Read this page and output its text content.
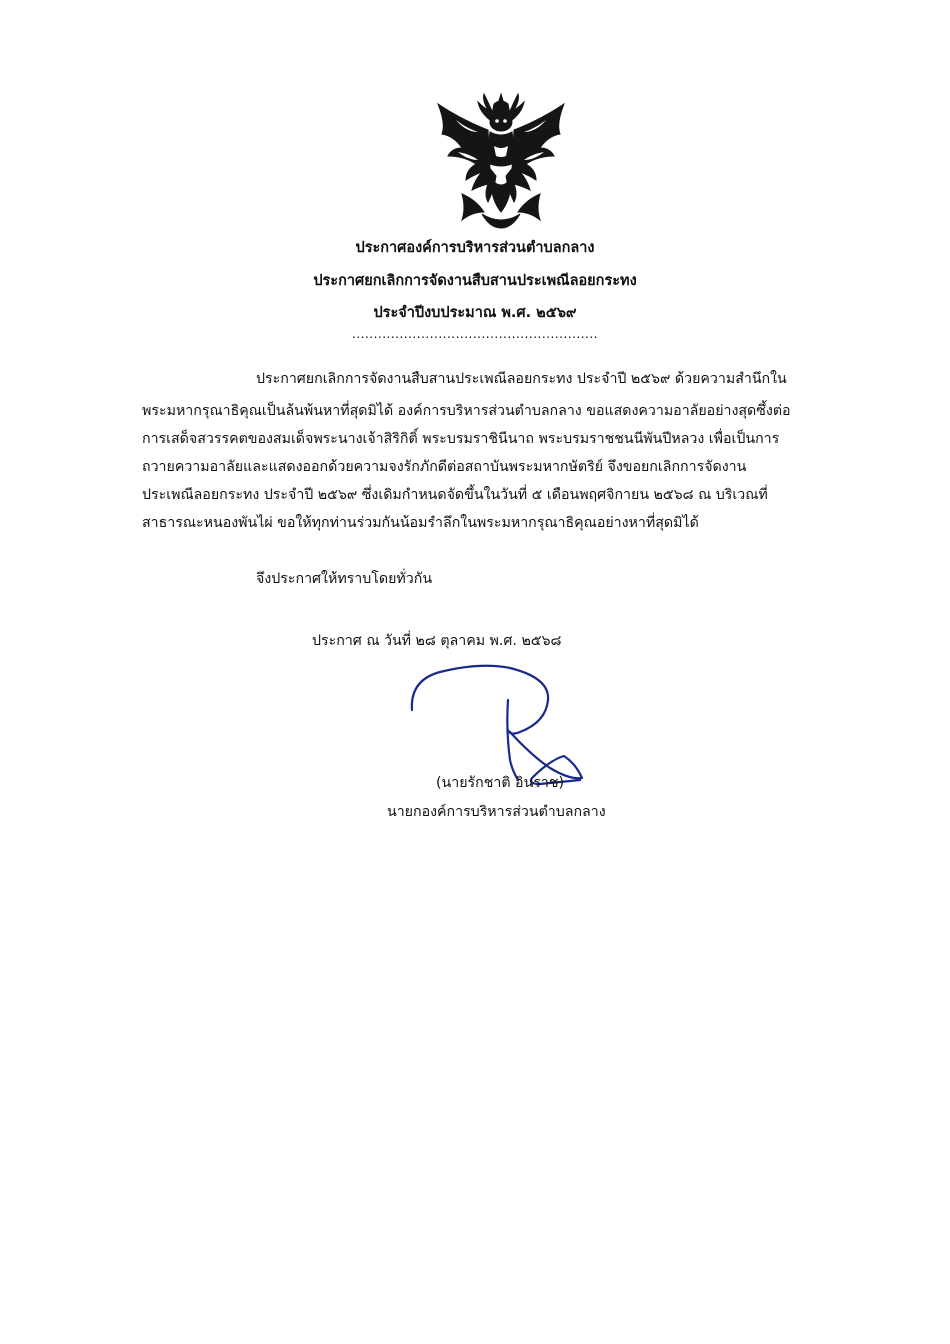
ประกาศองค์การบริหารส่วนตำบลกลาง
ประกาศยกเลิกการจัดงานสืบสานประเพณีลอยกระทง
ประจำปีงบประมาณ พ.ศ. ๒๕๖๙
.........................................................
ประกาศยกเลิกการจัดงานสืบสานประเพณีลอยกระทง ประจำปี ๒๕๖๙ ด้วยความสำนึกใน
พระมหากรุณาธิคุณเป็นล้นพ้นหาที่สุดมิได้ องค์การบริหารส่วนตำบลกลาง ขอแสดงความอาลัยอย่างสุดซึ้งต่อ
การเสด็จสวรรคตของสมเด็จพระนางเจ้าสิริกิติ์ พระบรมราชินีนาถ พระบรมราชชนนีพันปีหลวง เพื่อเป็นการ
ถวายความอาลัยและแสดงออกด้วยความจงรักภักดีต่อสถาบันพระมหากษัตริย์ จึงขอยกเลิกการจัดงาน
ประเพณีลอยกระทง ประจำปี ๒๕๖๙ ซึ่งเดิมกำหนดจัดขึ้นในวันที่ ๕ เดือนพฤศจิกายน ๒๕๖๘ ณ บริเวณที่
สาธารณะหนองพันไผ่ ขอให้ทุกท่านร่วมกันน้อมรำลึกในพระมหากรุณาธิคุณอย่างหาที่สุดมิได้
จึงประกาศให้ทราบโดยทั่วกัน
ประกาศ ณ วันที่ ๒๘ ตุลาคม พ.ศ. ๒๕๖๘
(นายรักชาติ อินราช)
นายกองค์การบริหารส่วนตำบลกลาง
